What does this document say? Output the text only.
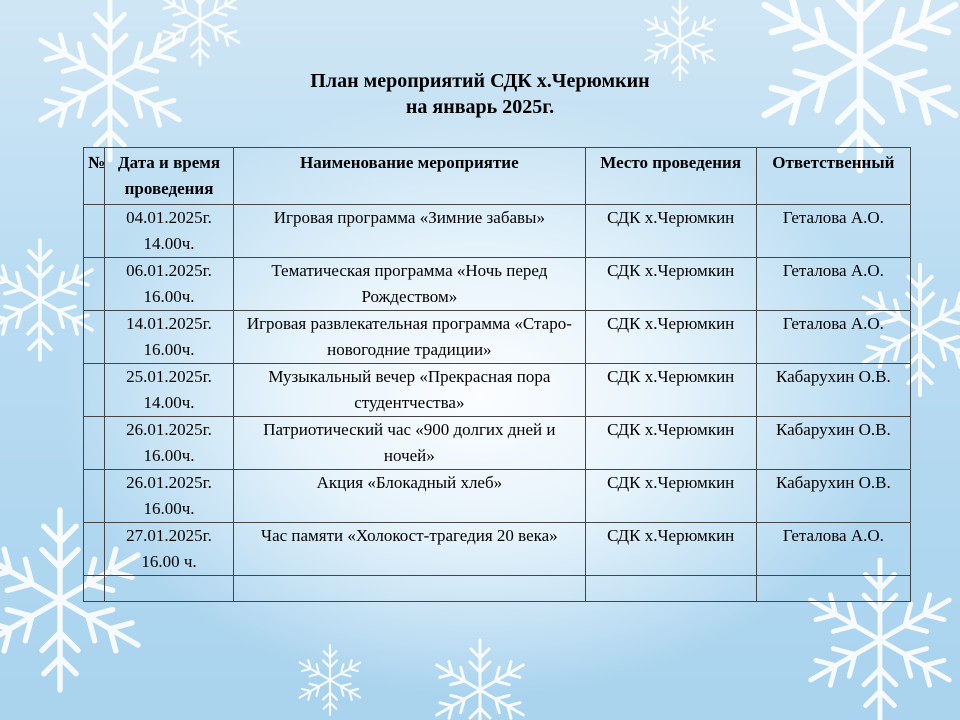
План мероприятий СДК х.Черюмкин
на январь 2025г.
№	Дата и время проведения	Наименование мероприятие	Место проведения	Ответственный
	04.01.2025г. 14.00ч.	Игровая программа «Зимние забавы»	СДК х.Черюмкин	Геталова А.О.
	06.01.2025г. 16.00ч.	Тематическая программа «Ночь перед Рождеством»	СДК х.Черюмкин	Геталова А.О.
	14.01.2025г. 16.00ч.	Игровая развлекательная программа «Старо-новогодние традиции»	СДК х.Черюмкин	Геталова А.О.
	25.01.2025г. 14.00ч.	Музыкальный вечер «Прекрасная пора студентчества»	СДК х.Черюмкин	Кабарухин О.В.
	26.01.2025г. 16.00ч.	Патриотический час «900 долгих дней и ночей»	СДК х.Черюмкин	Кабарухин О.В.
	26.01.2025г. 16.00ч.	Акция «Блокадный хлеб»	СДК х.Черюмкин	Кабарухин О.В.
	27.01.2025г. 16.00 ч.	Час памяти «Холокост-трагедия 20 века»	СДК х.Черюмкин	Геталова А.О.
